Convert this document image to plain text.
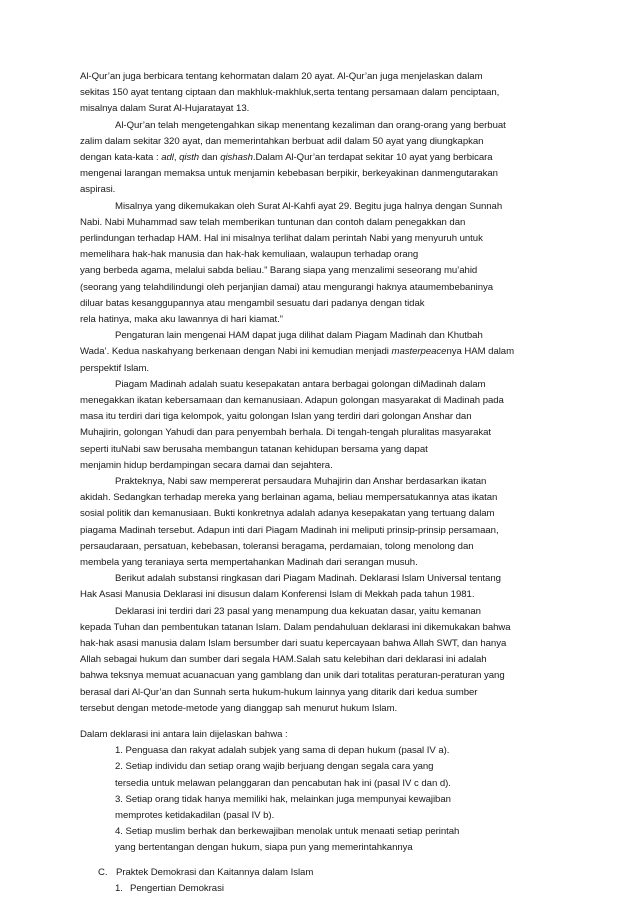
Al-Qur’an juga berbicara tentang kehormatan dalam 20 ayat. Al-Qur’an juga menjelaskan dalam
sekitas 150 ayat tentang ciptaan dan makhluk-makhluk,serta tentang persamaan dalam penciptaan,
misalnya dalam Surat Al-Hujaratayat 13.
Al-Qur’an telah mengetengahkan sikap menentang kezaliman dan orang-orang yang berbuat
zalim dalam sekitar 320 ayat, dan memerintahkan berbuat adil dalam 50 ayat yang diungkapkan
dengan kata-kata : adl, qisth dan qishash.Dalam Al-Qur’an terdapat sekitar 10 ayat yang berbicara
mengenai larangan memaksa untuk menjamin kebebasan berpikir, berkeyakinan danmengutarakan
aspirasi.
Misalnya yang dikemukakan oleh Surat Al-Kahfi ayat 29. Begitu juga halnya dengan Sunnah
Nabi. Nabi Muhammad saw telah memberikan tuntunan dan contoh dalam penegakkan dan
perlindungan terhadap HAM. Hal ini misalnya terlihat dalam perintah Nabi yang menyuruh untuk
memelihara hak-hak manusia dan hak-hak kemuliaan, walaupun terhadap orang
yang berbeda agama, melalui sabda beliau.” Barang siapa yang menzalimi seseorang mu’ahid
(seorang yang telahdilindungi oleh perjanjian damai) atau mengurangi haknya ataumembebaninya
diluar batas kesanggupannya atau mengambil sesuatu dari padanya dengan tidak
rela hatinya, maka aku lawannya di hari kiamat.”
Pengaturan lain mengenai HAM dapat juga dilihat dalam Piagam Madinah dan Khutbah
Wada’. Kedua naskahyang berkenaan dengan Nabi ini kemudian menjadi masterpeacenya HAM dalam
perspektif Islam.
Piagam Madinah adalah suatu kesepakatan antara berbagai golongan diMadinah dalam
menegakkan ikatan kebersamaan dan kemanusiaan. Adapun golongan masyarakat di Madinah pada
masa itu terdiri dari tiga kelompok, yaitu golongan Islan yang terdiri dari golongan Anshar dan
Muhajirin, golongan Yahudi dan para penyembah berhala. Di tengah-tengah pluralitas masyarakat
seperti ituNabi saw berusaha membangun tatanan kehidupan bersama yang dapat
menjamin hidup berdampingan secara damai dan sejahtera.
Prakteknya, Nabi saw mempererat persaudara Muhajirin dan Anshar berdasarkan ikatan
akidah. Sedangkan terhadap mereka yang berlainan agama, beliau mempersatukannya atas ikatan
sosial politik dan kemanusiaan. Bukti konkretnya adalah adanya kesepakatan yang tertuang dalam
piagama Madinah tersebut. Adapun inti dari Piagam Madinah ini meliputi prinsip-prinsip persamaan,
persaudaraan, persatuan, kebebasan, toleransi beragama, perdamaian, tolong menolong dan
membela yang teraniaya serta mempertahankan Madinah dari serangan musuh.
Berikut adalah substansi ringkasan dari Piagam Madinah. Deklarasi Islam Universal tentang
Hak Asasi Manusia Deklarasi ini disusun dalam Konferensi Islam di Mekkah pada tahun 1981.
Deklarasi ini terdiri dari 23 pasal yang menampung dua kekuatan dasar, yaitu kemanan
kepada Tuhan dan pembentukan tatanan Islam. Dalam pendahuluan deklarasi ini dikemukakan bahwa
hak-hak asasi manusia dalam Islam bersumber dari suatu kepercayaan bahwa Allah SWT, dan hanya
Allah sebagai hukum dan sumber dari segala HAM.Salah satu kelebihan dari deklarasi ini adalah
bahwa teksnya memuat acuanacuan yang gamblang dan unik dari totalitas peraturan-peraturan yang
berasal dari Al-Qur’an dan Sunnah serta hukum-hukum lainnya yang ditarik dari kedua sumber
tersebut dengan metode-metode yang dianggap sah menurut hukum Islam.
Dalam deklarasi ini antara lain dijelaskan bahwa :
1. Penguasa dan rakyat adalah subjek yang sama di depan hukum (pasal IV a).
2. Setiap individu dan setiap orang wajib berjuang dengan segala cara yang
tersedia untuk melawan pelanggaran dan pencabutan hak ini (pasal IV c dan d).
3. Setiap orang tidak hanya memiliki hak, melainkan juga mempunyai kewajiban
memprotes ketidakadilan (pasal IV b).
4. Setiap muslim berhak dan berkewajiban menolak untuk menaati setiap perintah
yang bertentangan dengan hukum, siapa pun yang memerintahkannya
C. Praktek Demokrasi dan Kaitannya dalam Islam
1. Pengertian Demokrasi
